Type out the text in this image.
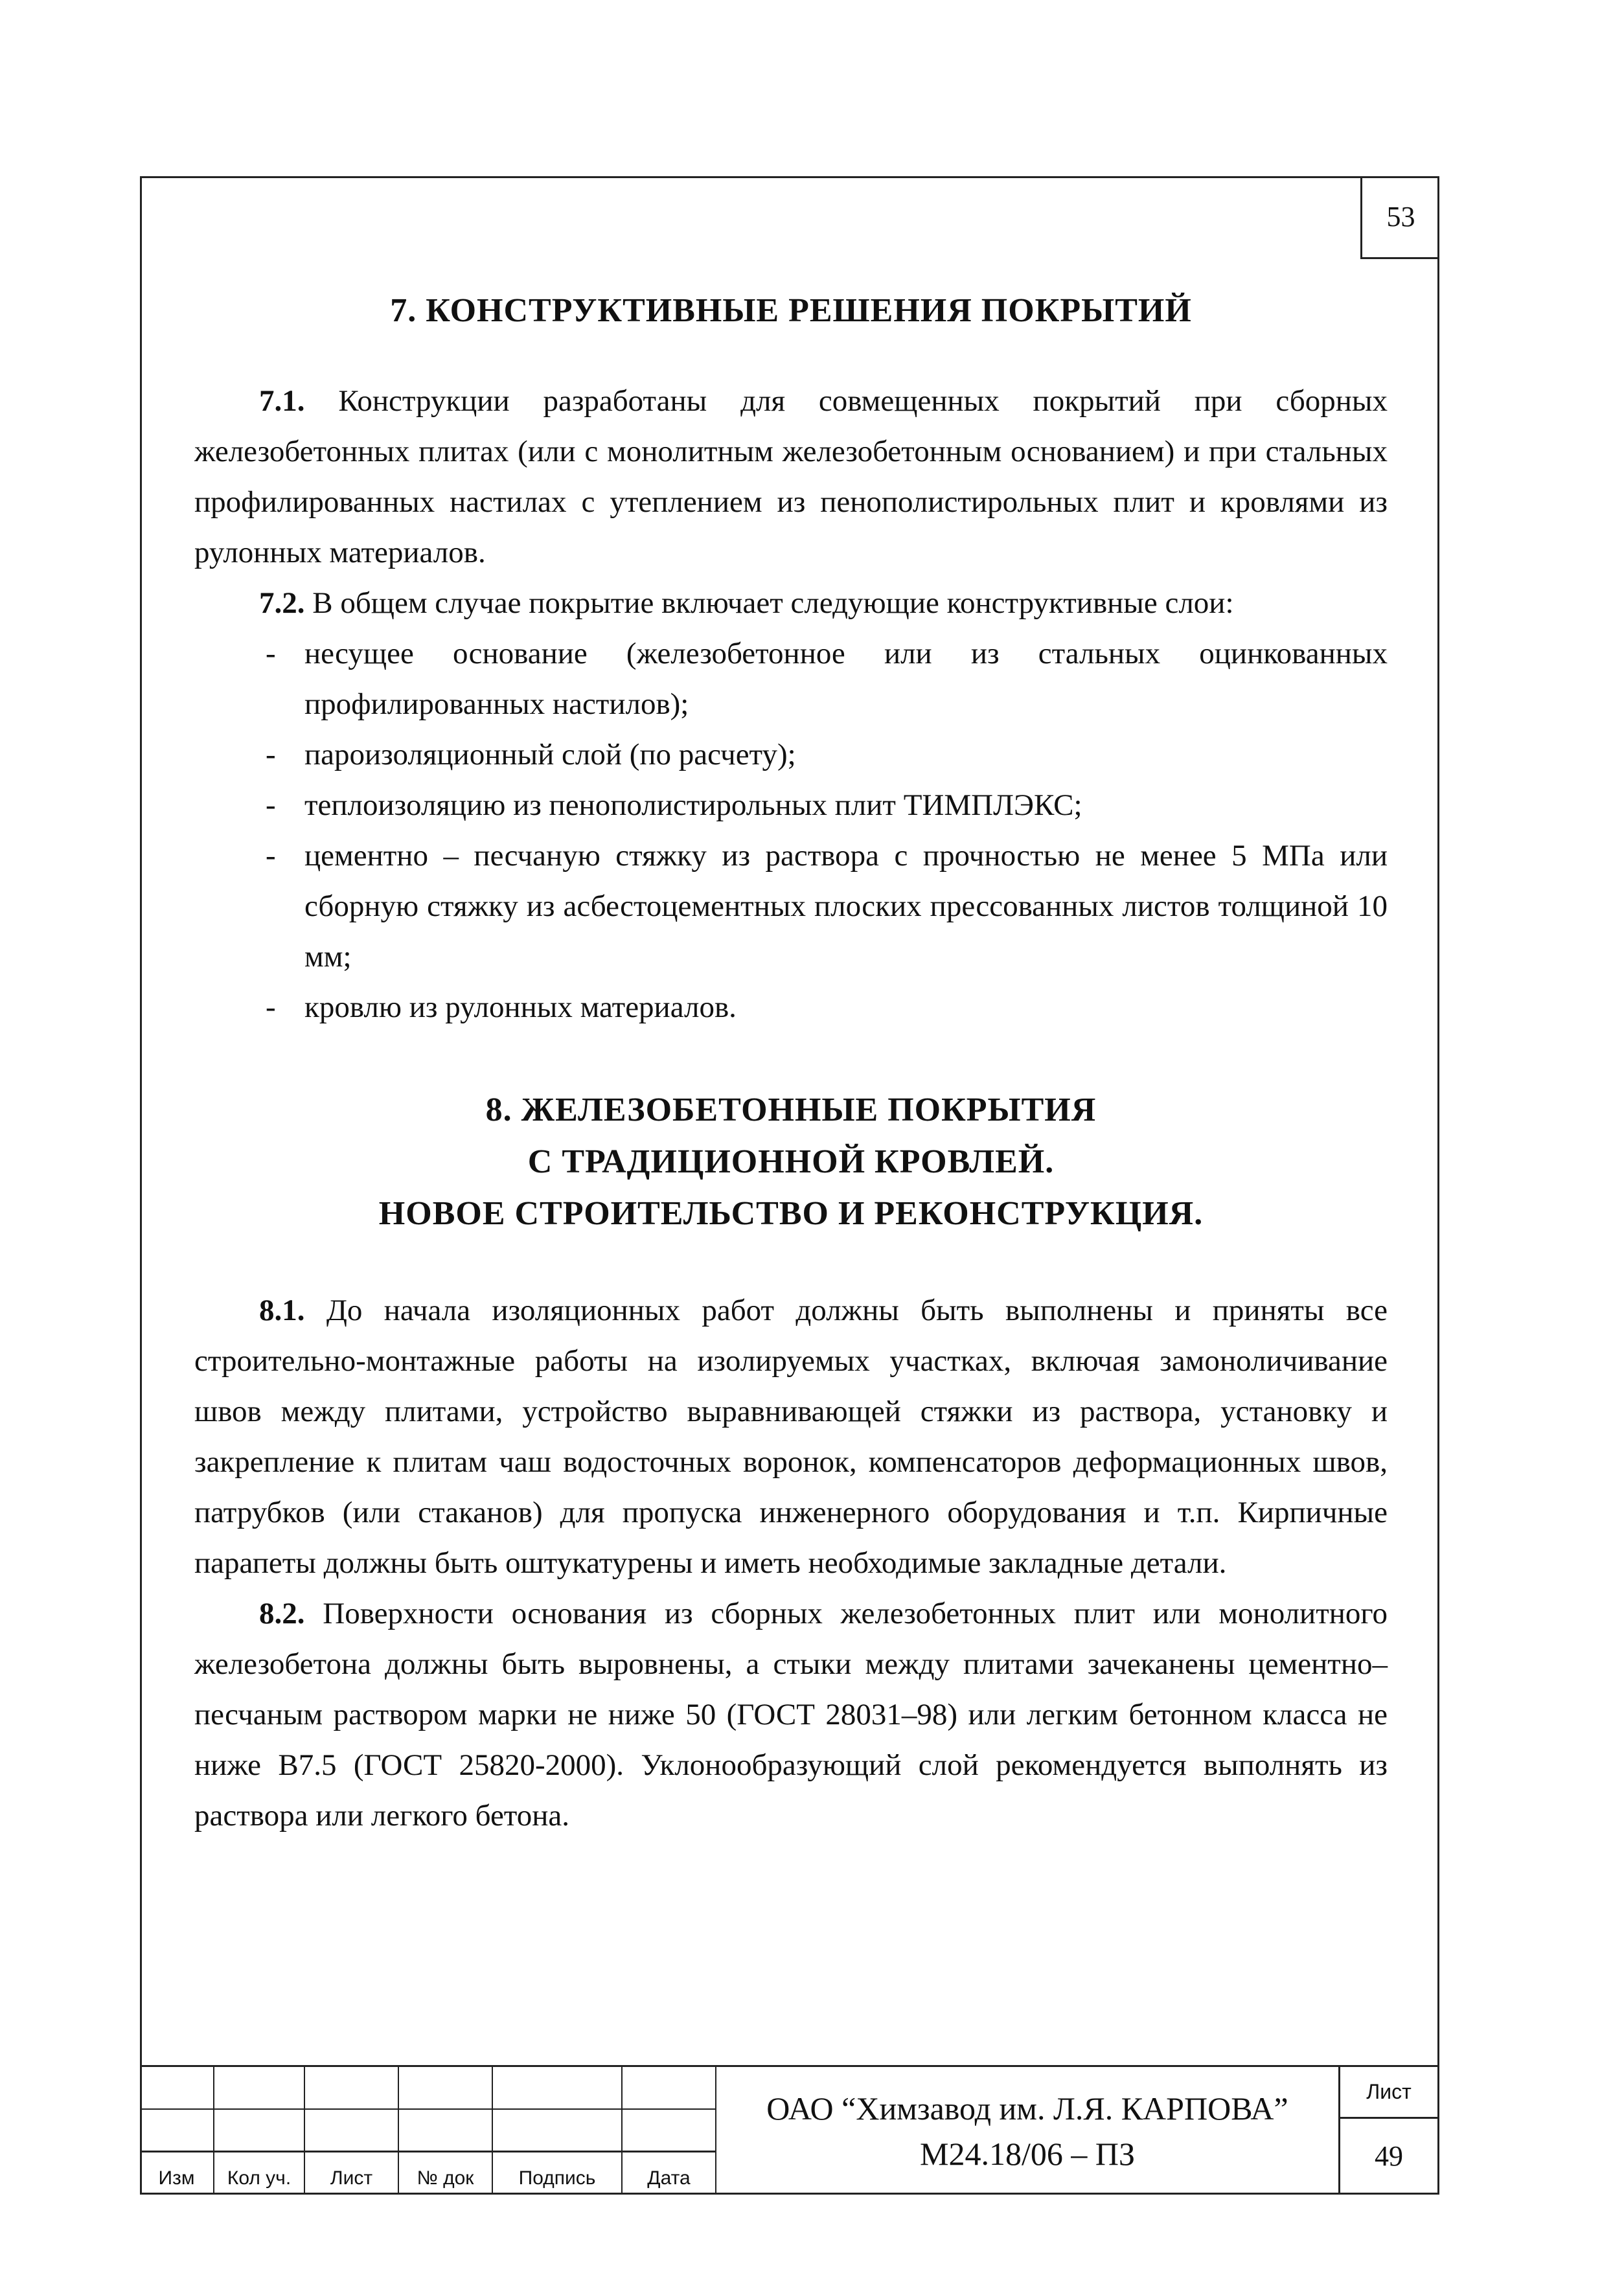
53
7. КОНСТРУКТИВНЫЕ РЕШЕНИЯ ПОКРЫТИЙ

7.1. Конструкции разработаны для совмещенных покрытий при сборных железобетонных плитах (или с монолитным железобетонным основанием) и при стальных профилированных настилах с утеплением из пенополистирольных плит и кровлями из рулонных материалов.

7.2. В общем случае покрытие включает следующие конструктивные слои:

- несущее основание (железобетонное или из стальных оцинкованных профилированных настилов);
- пароизоляционный слой (по расчету);
- теплоизоляцию из пенополистирольных плит ТИМПЛЭКС;
- цементно – песчаную стяжку из раствора с прочностью не менее 5 МПа или сборную стяжку из асбестоцементных плоских прессованных листов толщиной 10 мм;
- кровлю из рулонных материалов.
8. ЖЕЛЕЗОБЕТОННЫЕ ПОКРЫТИЯ
С ТРАДИЦИОННОЙ КРОВЛЕЙ.
НОВОЕ СТРОИТЕЛЬСТВО И РЕКОНСТРУКЦИЯ.

8.1. До начала изоляционных работ должны быть выполнены и приняты все строительно-монтажные работы на изолируемых участках, включая замоноличивание швов между плитами, устройство выравнивающей стяжки из раствора, установку и закрепление к плитам чаш водосточных воронок, компенсаторов деформационных швов, патрубков (или стаканов) для пропуска инженерного оборудования и т.п. Кирпичные парапеты должны быть оштукатурены и иметь необходимые закладные детали.

8.2. Поверхности основания из сборных железобетонных плит или монолитного железобетона должны быть выровнены, а стыки между плитами зачеканены цементно–песчаным раствором марки не ниже 50 (ГОСТ 28031–98) или легким бетонном класса не ниже В7.5 (ГОСТ 25820-2000). Уклонообразующий слой рекомендуется выполнять из раствора или легкого бетона.

Изм	Кол уч.	Лист	№ док	Подпись	Дата
ОАО “Химзавод им. Л.Я. КАРПОВА”
М24.18/06 – ПЗ
Лист
49
